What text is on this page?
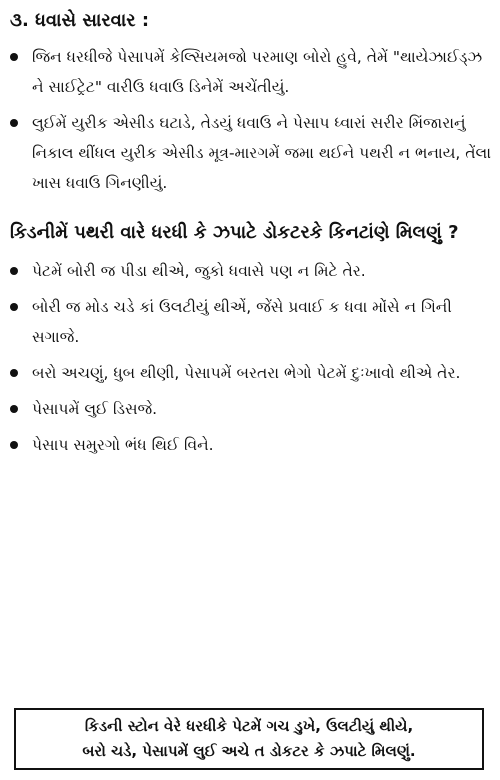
૩. ધવાસે સારવાર :
જિન ધરધીજે પેસાપમેં કેલ્સિયમજો પરમાણ બોરો હુવે, તેમેં "થાયેઝાઈડ્ઝ ને સાઈટ્રેટ" વારીઉ ધવાઉ ડિનેમેં અચેંતીયું.
લુઈમેં યુરીક એસીડ ઘટાડે, તેડયું ધવાઉ ને પેસાપ ધ્વારાં સરીર મિંજારાનું નિકાલ થીંધલ યુરીક એસીડ મૂત્ર-મારગમેં જમા થઈને પથરી ન ભનાય, તેંલા ખાસ ધવાઉ ગિનણીયું.
કિડનીમેં પથરી વારે ધરધી કે ઝપાટે ડોકટરકે કિનટાંણે મિલણું ?
પેટમેં બોરી જ પીડા થીએ, જુકો ધવાસે પણ ન મિટે તેર.
બોરી જ મોડ ચડે કાં ઉલટીયું થીએં, જેંસે પ્રવાઈ ક ધવા મોંસે ન ગિની સગાજે.
બરો અચણું, ધુબ થીણી, પેસાપમેં બરતરા ભેગો પેટમેં દુઃખાવો થીએ તેર.
પેસાપમેં લુઈ ડિસજે.
પેસાપ સમુરગો ભંધ થિઈ વિને.
કિડની સ્ટોન વેરે ધરધીકે પેટમેં ગચ ડુખે, ઉલટીયું થીયે,
બરો ચડે, પેસાપમેં લુઈ અચે ત ડોકટર કે ઝપાટે મિલણું.
